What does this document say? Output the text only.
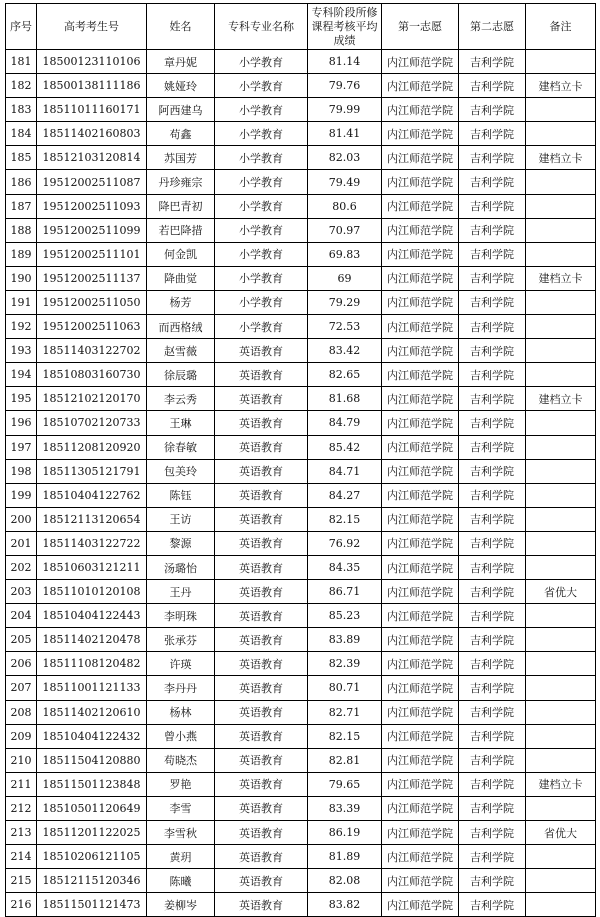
序号	高考考生号	姓名	专科专业名称	专科阶段所修课程考核平均成绩	第一志愿	第二志愿	备注
181	18500123110106	章丹妮	小学教育	81.14	内江师范学院	吉利学院	
182	18500138111186	姚娅玲	小学教育	79.76	内江师范学院	吉利学院	建档立卡
183	18511011160171	阿西建乌	小学教育	79.99	内江师范学院	吉利学院	
184	18511402160803	苟鑫	小学教育	81.41	内江师范学院	吉利学院	
185	18512103120814	苏国芳	小学教育	82.03	内江师范学院	吉利学院	建档立卡
186	19512002511087	丹珍雍宗	小学教育	79.49	内江师范学院	吉利学院	
187	19512002511093	降巴青初	小学教育	80.6	内江师范学院	吉利学院	
188	19512002511099	若巴降措	小学教育	70.97	内江师范学院	吉利学院	
189	19512002511101	何金凯	小学教育	69.83	内江师范学院	吉利学院	
190	19512002511137	降曲觉	小学教育	69	内江师范学院	吉利学院	建档立卡
191	19512002511050	杨芳	小学教育	79.29	内江师范学院	吉利学院	
192	19512002511063	而西格绒	小学教育	72.53	内江师范学院	吉利学院	
193	18511403122702	赵雪薇	英语教育	83.42	内江师范学院	吉利学院	
194	18510803160730	徐辰璐	英语教育	82.65	内江师范学院	吉利学院	
195	18512102120170	李云秀	英语教育	81.68	内江师范学院	吉利学院	建档立卡
196	18510702120733	王琳	英语教育	84.79	内江师范学院	吉利学院	
197	18511208120920	徐春敏	英语教育	85.42	内江师范学院	吉利学院	
198	18511305121791	包美玲	英语教育	84.71	内江师范学院	吉利学院	
199	18510404122762	陈钰	英语教育	84.27	内江师范学院	吉利学院	
200	18512113120654	王访	英语教育	82.15	内江师范学院	吉利学院	
201	18511403122722	黎源	英语教育	76.92	内江师范学院	吉利学院	
202	18510603121211	汤璐怡	英语教育	84.35	内江师范学院	吉利学院	
203	18511010120108	王丹	英语教育	86.71	内江师范学院	吉利学院	省优大
204	18510404122443	李明珠	英语教育	85.23	内江师范学院	吉利学院	
205	18511402120478	张承芬	英语教育	83.89	内江师范学院	吉利学院	
206	18511108120482	许瑛	英语教育	82.39	内江师范学院	吉利学院	
207	18511001121133	李丹丹	英语教育	80.71	内江师范学院	吉利学院	
208	18511402120610	杨林	英语教育	82.71	内江师范学院	吉利学院	
209	18510404122432	曾小燕	英语教育	82.15	内江师范学院	吉利学院	
210	18511504120880	苟晓杰	英语教育	82.81	内江师范学院	吉利学院	
211	18511501123848	罗艳	英语教育	79.65	内江师范学院	吉利学院	建档立卡
212	18510501120649	李雪	英语教育	83.39	内江师范学院	吉利学院	
213	18511201122025	李雪秋	英语教育	86.19	内江师范学院	吉利学院	省优大
214	18510206121105	黄玥	英语教育	81.89	内江师范学院	吉利学院	
215	18512115120346	陈曦	英语教育	82.08	内江师范学院	吉利学院	
216	18511501121473	姜柳岑	英语教育	83.82	内江师范学院	吉利学院	
